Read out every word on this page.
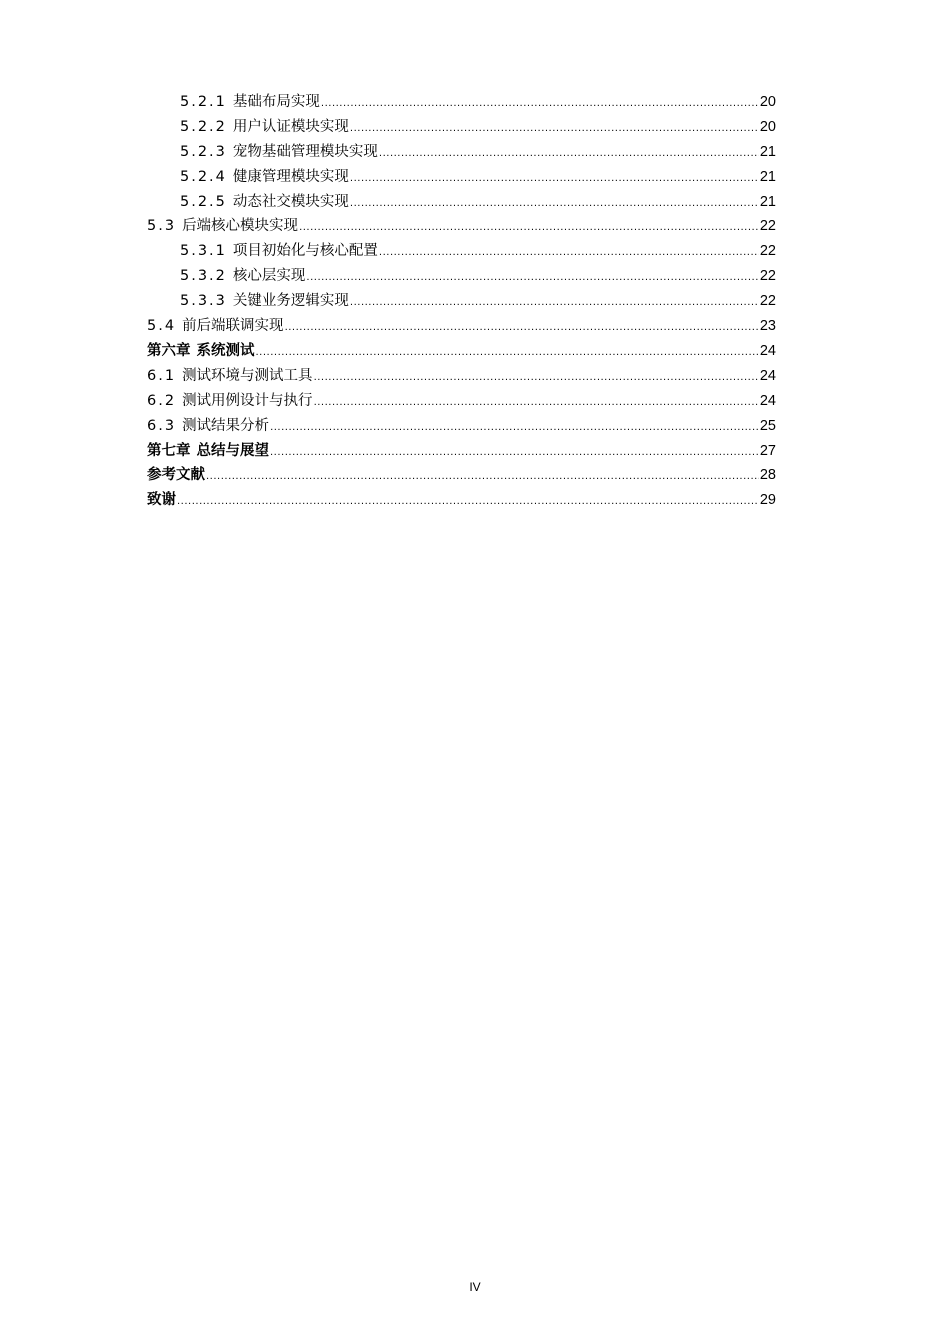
5.2.1 基础布局实现 .....	20
5.2.2 用户认证模块实现 .....	20
5.2.3 宠物基础管理模块实现 .....	21
5.2.4 健康管理模块实现 .....	21
5.2.5 动态社交模块实现 .....	21
5.3 后端核心模块实现 .....	22
5.3.1 项目初始化与核心配置 .....	22
5.3.2 核心层实现 .....	22
5.3.3 关键业务逻辑实现 .....	22
5.4 前后端联调实现 .....	23
第六章 系统测试 .....	24
6.1 测试环境与测试工具 .....	24
6.2 测试用例设计与执行 .....	24
6.3 测试结果分析 .....	25
第七章 总结与展望 .....	27
参考文献 .....	28
致谢 .....	29
IV
